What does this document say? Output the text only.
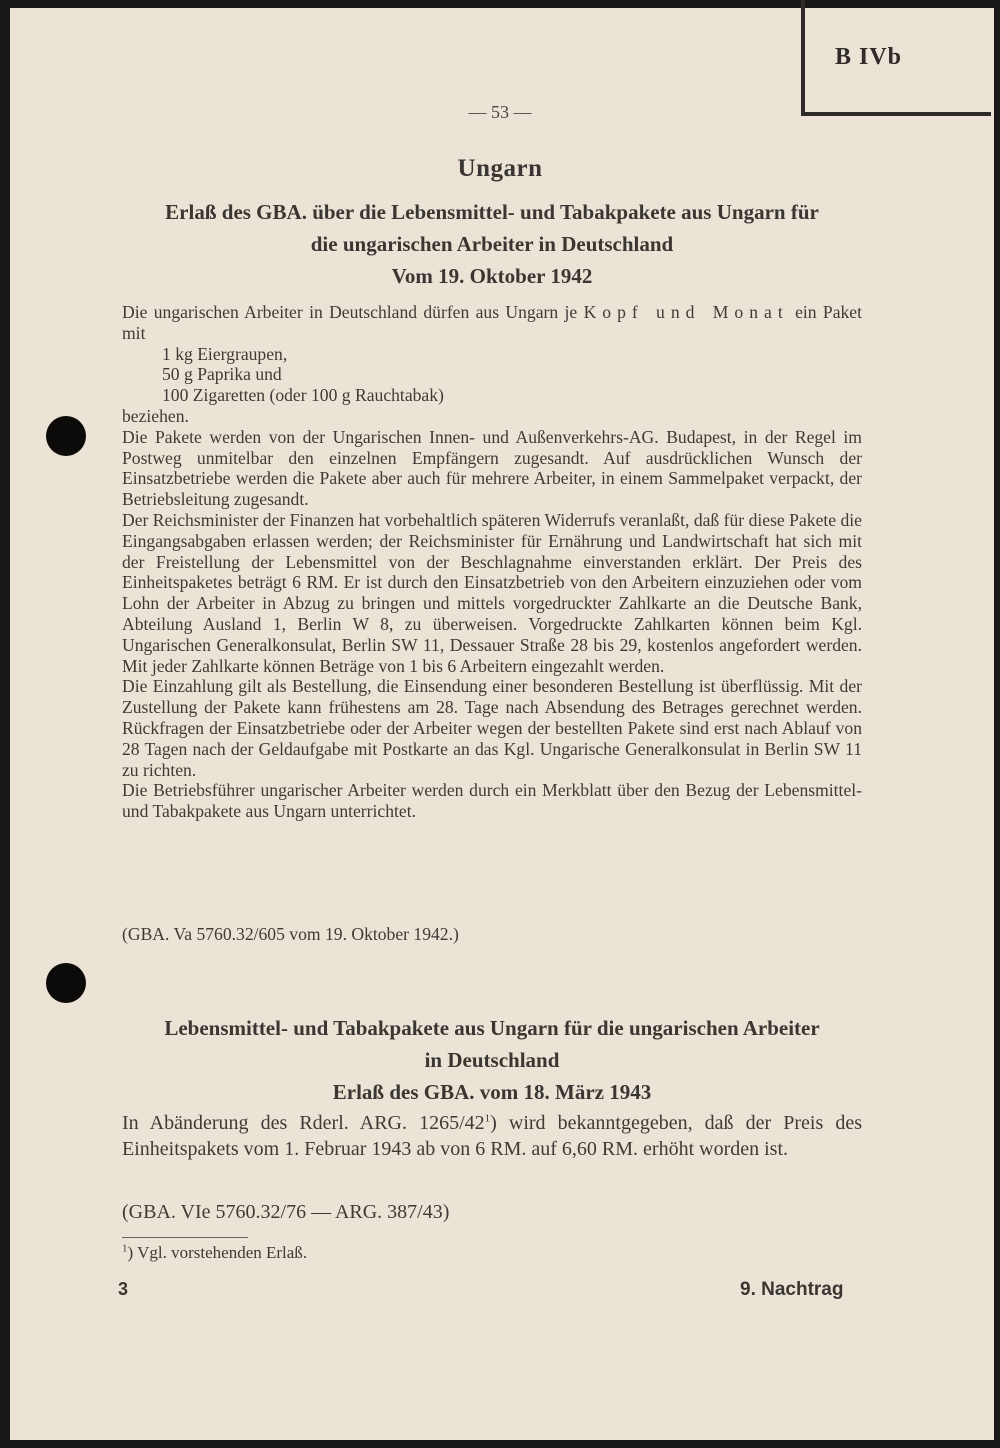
B IVb
— 53 —
Ungarn
Erlaß des GBA. über die Lebensmittel- und Tabakpakete aus Ungarn für
die ungarischen Arbeiter in Deutschland
Vom 19. Oktober 1942

Die ungarischen Arbeiter in Deutschland dürfen aus Ungarn je Kopf und Monat ein Paket mit

1 kg Eiergraupen,
50 g Paprika und
100 Zigaretten (oder 100 g Rauchtabak)

beziehen.

Die Pakete werden von der Ungarischen Innen- und Außenverkehrs-AG. Budapest, in der Regel im Postweg unmitelbar den einzelnen Empfängern zugesandt. Auf ausdrücklichen Wunsch der Einsatzbetriebe werden die Pakete aber auch für mehrere Arbeiter, in einem Sammelpaket verpackt, der Betriebsleitung zugesandt.

Der Reichsminister der Finanzen hat vorbehaltlich späteren Widerrufs veranlaßt, daß für diese Pakete die Eingangsabgaben erlassen werden; der Reichsminister für Ernährung und Landwirtschaft hat sich mit der Freistellung der Lebensmittel von der Beschlagnahme einverstanden erklärt. Der Preis des Einheitspaketes beträgt 6 RM. Er ist durch den Einsatzbetrieb von den Arbeitern einzuziehen oder vom Lohn der Arbeiter in Abzug zu bringen und mittels vorgedruckter Zahlkarte an die Deutsche Bank, Abteilung Ausland 1, Berlin W 8, zu überweisen. Vorgedruckte Zahlkarten können beim Kgl. Ungarischen Generalkonsulat, Berlin SW 11, Dessauer Straße 28 bis 29, kostenlos angefordert werden. Mit jeder Zahlkarte können Beträge von 1 bis 6 Arbeitern eingezahlt werden.

Die Einzahlung gilt als Bestellung, die Einsendung einer besonderen Bestellung ist überflüssig. Mit der Zustellung der Pakete kann frühestens am 28. Tage nach Absendung des Betrages gerechnet werden. Rückfragen der Einsatzbetriebe oder der Arbeiter wegen der bestellten Pakete sind erst nach Ablauf von 28 Tagen nach der Geldaufgabe mit Postkarte an das Kgl. Ungarische Generalkonsulat in Berlin SW 11 zu richten.

Die Betriebsführer ungarischer Arbeiter werden durch ein Merkblatt über den Bezug der Lebensmittel- und Tabakpakete aus Ungarn unterrichtet.

(GBA. Va 5760.32/605 vom 19. Oktober 1942.)
Lebensmittel- und Tabakpakete aus Ungarn für die ungarischen Arbeiter
in Deutschland
Erlaß des GBA. vom 18. März 1943

In Abänderung des Rderl. ARG. $1265/42^1$) wird bekanntgegeben, daß der Preis des Einheitspakets vom 1. Februar 1943 ab von 6 RM. auf 6,60 RM. erhöht worden ist.

(GBA. VIe 5760.32/76 — ARG. 387/43)
$^1$) Vgl. vorstehenden Erlaß.
3	9. Nachtrag
